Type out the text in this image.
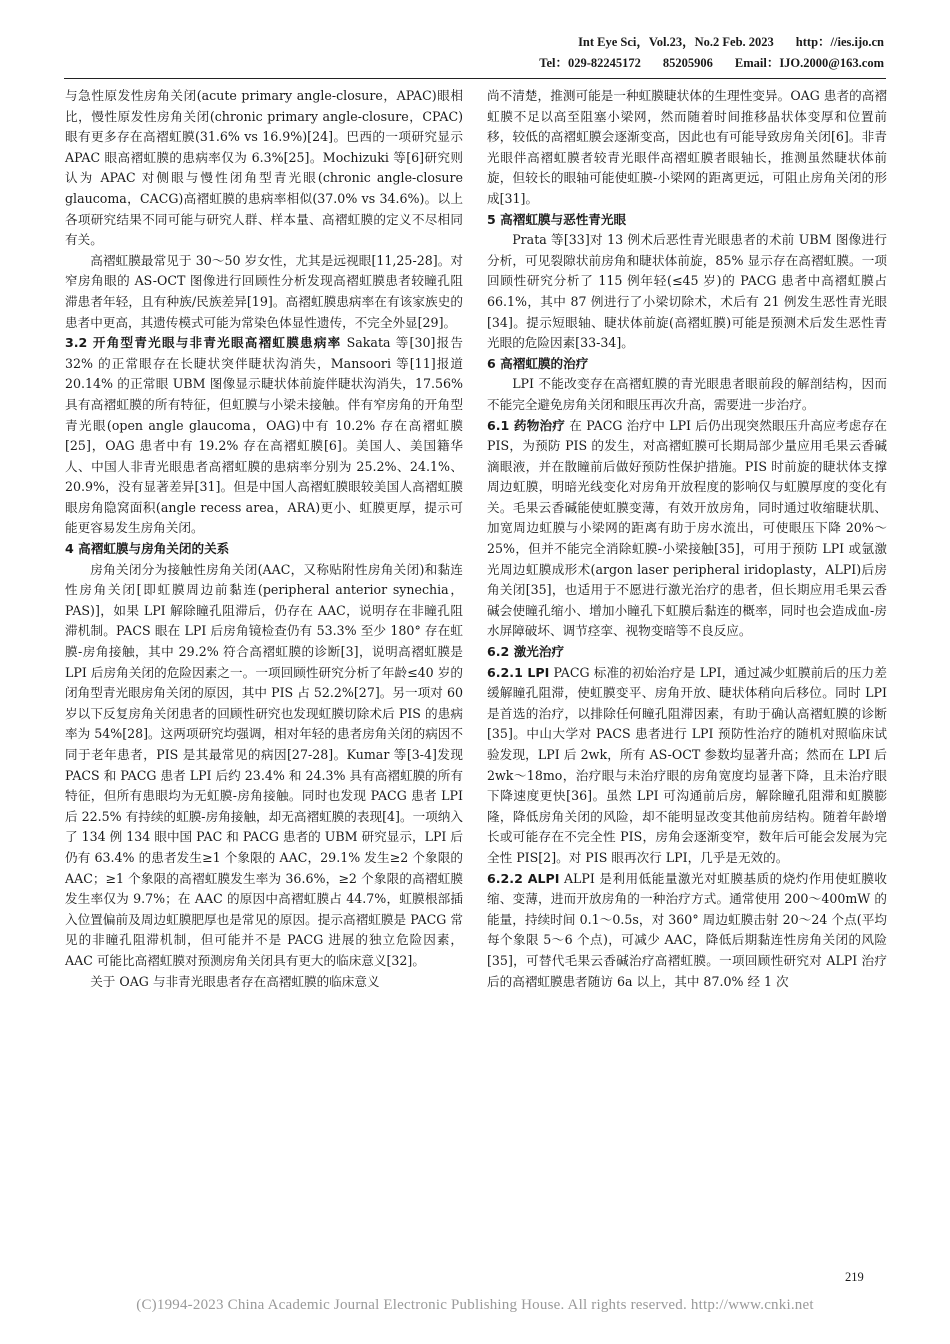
Int Eye Sci，Vol.23，No.2 Feb. 2023 http：//ies.ijo.cn
Tel：029-82245172 85205906 Email：IJO.2000@163.com

与急性原发性房角关闭(acute primary angle-closure，APAC)眼相比，慢性原发性房角关闭(chronic primary angle-closure，CPAC)眼有更多存在高褶虹膜(31.6% vs 16.9%)[24]。巴西的一项研究显示 APAC 眼高褶虹膜的患病率仅为 6.3%[25]。Mochizuki 等[6]研究则认为 APAC 对侧眼与慢性闭角型青光眼(chronic angle-closure glaucoma，CACG)高褶虹膜的患病率相似(37.0% vs 34.6%)。以上各项研究结果不同可能与研究人群、样本量、高褶虹膜的定义不尽相同有关。

高褶虹膜最常见于 30～50 岁女性，尤其是远视眼[11,25-28]。对窄房角眼的 AS-OCT 图像进行回顾性分析发现高褶虹膜患者较瞳孔阻滞患者年轻，且有种族/民族差异[19]。高褶虹膜患病率在有该家族史的患者中更高，其遗传模式可能为常染色体显性遗传，不完全外显[29]。

3.2 开角型青光眼与非青光眼高褶虹膜患病率 Sakata 等[30]报告 32% 的正常眼存在长睫状突伴睫状沟消失，Mansoori 等[11]报道 20.14% 的正常眼 UBM 图像显示睫状体前旋伴睫状沟消失，17.56% 具有高褶虹膜的所有特征，但虹膜与小梁未接触。伴有窄房角的开角型青光眼(open angle glaucoma，OAG)中有 10.2% 存在高褶虹膜[25]，OAG 患者中有 19.2% 存在高褶虹膜[6]。美国人、美国籍华人、中国人非青光眼患者高褶虹膜的患病率分别为 25.2%、24.1%、20.9%，没有显著差异[31]。但是中国人高褶虹膜眼较美国人高褶虹膜眼房角隐窝面积(angle recess area，ARA)更小、虹膜更厚，提示可能更容易发生房角关闭。

4 高褶虹膜与房角关闭的关系

房角关闭分为接触性房角关闭(AAC，又称贴附性房角关闭)和黏连性房角关闭[即虹膜周边前黏连(peripheral anterior synechia，PAS)]，如果 LPI 解除瞳孔阻滞后，仍存在 AAC，说明存在非瞳孔阻滞机制。PACS 眼在 LPI 后房角镜检查仍有 53.3% 至少 180° 存在虹膜-房角接触，其中 29.2% 符合高褶虹膜的诊断[3]，说明高褶虹膜是 LPI 后房角关闭的危险因素之一。一项回顾性研究分析了年龄≤40 岁的闭角型青光眼房角关闭的原因，其中 PIS 占 52.2%[27]。另一项对 60 岁以下反复房角关闭患者的回顾性研究也发现虹膜切除术后 PIS 的患病率为 54%[28]。这两项研究均强调，相对年轻的患者房角关闭的病因不同于老年患者，PIS 是其最常见的病因[27-28]。Kumar 等[3-4]发现 PACS 和 PACG 患者 LPI 后约 23.4% 和 24.3% 具有高褶虹膜的所有特征，但所有患眼均为无虹膜-房角接触。同时也发现 PACG 患者 LPI 后 22.5% 有持续的虹膜-房角接触，却无高褶虹膜的表现[4]。一项纳入了 134 例 134 眼中国 PAC 和 PACG 患者的 UBM 研究显示，LPI 后仍有 63.4% 的患者发生≥1 个象限的 AAC，29.1% 发生≥2 个象限的 AAC；≥1 个象限的高褶虹膜发生率为 36.6%，≥2 个象限的高褶虹膜发生率仅为 9.7%；在 AAC 的原因中高褶虹膜占 44.7%，虹膜根部插入位置偏前及周边虹膜肥厚也是常见的原因。提示高褶虹膜是 PACG 常见的非瞳孔阻滞机制，但可能并不是 PACG 进展的独立危险因素，AAC 可能比高褶虹膜对预测房角关闭具有更大的临床意义[32]。

关于 OAG 与非青光眼患者存在高褶虹膜的临床意义

尚不清楚，推测可能是一种虹膜睫状体的生理性变异。OAG 患者的高褶虹膜不足以高至阻塞小梁网，然而随着时间推移晶状体变厚和位置前移，较低的高褶虹膜会逐渐变高，因此也有可能导致房角关闭[6]。非青光眼伴高褶虹膜者较青光眼伴高褶虹膜者眼轴长，推测虽然睫状体前旋，但较长的眼轴可能使虹膜-小梁网的距离更远，可阻止房角关闭的形成[31]。

5 高褶虹膜与恶性青光眼

Prata 等[33]对 13 例术后恶性青光眼患者的术前 UBM 图像进行分析，可见裂隙状前房角和睫状体前旋，85% 显示存在高褶虹膜。一项回顾性研究分析了 115 例年轻(≤45 岁)的 PACG 患者中高褶虹膜占 66.1%，其中 87 例进行了小梁切除术，术后有 21 例发生恶性青光眼[34]。提示短眼轴、睫状体前旋(高褶虹膜)可能是预测术后发生恶性青光眼的危险因素[33-34]。

6 高褶虹膜的治疗

LPI 不能改变存在高褶虹膜的青光眼患者眼前段的解剖结构，因而不能完全避免房角关闭和眼压再次升高，需要进一步治疗。

6.1 药物治疗 在 PACG 治疗中 LPI 后仍出现突然眼压升高应考虑存在 PIS，为预防 PIS 的发生，对高褶虹膜可长期局部少量应用毛果云香碱滴眼液，并在散瞳前后做好预防性保护措施。PIS 时前旋的睫状体支撑周边虹膜，明暗光线变化对房角开放程度的影响仅与虹膜厚度的变化有关。毛果云香碱能使虹膜变薄，有效开放房角，同时通过收缩睫状肌、加宽周边虹膜与小梁网的距离有助于房水流出，可使眼压下降 20%～25%，但并不能完全消除虹膜-小梁接触[35]，可用于预防 LPI 或氩激光周边虹膜成形术(argon laser peripheral iridoplasty，ALPI)后房角关闭[35]，也适用于不愿进行激光治疗的患者，但长期应用毛果云香碱会使瞳孔缩小、增加小瞳孔下虹膜后黏连的概率，同时也会造成血-房水屏障破坏、调节痉挛、视物变暗等不良反应。

6.2 激光治疗

6.2.1 LPI PACG 标准的初始治疗是 LPI，通过减少虹膜前后的压力差缓解瞳孔阻滞，使虹膜变平、房角开放、睫状体稍向后移位。同时 LPI 是首选的治疗，以排除任何瞳孔阻滞因素，有助于确认高褶虹膜的诊断[35]。中山大学对 PACS 患者进行 LPI 预防性治疗的随机对照临床试验发现，LPI 后 2wk，所有 AS-OCT 参数均显著升高；然而在 LPI 后 2wk～18mo，治疗眼与未治疗眼的房角宽度均显著下降，且未治疗眼下降速度更快[36]。虽然 LPI 可沟通前后房，解除瞳孔阻滞和虹膜膨隆，降低房角关闭的风险，却不能明显改变其他前房结构。随着年龄增长或可能存在不完全性 PIS，房角会逐渐变窄，数年后可能会发展为完全性 PIS[2]。对 PIS 眼再次行 LPI，几乎是无效的。

6.2.2 ALPI ALPI 是利用低能量激光对虹膜基质的烧灼作用使虹膜收缩、变薄，进而开放房角的一种治疗方式。通常使用 200～400mW 的能量，持续时间 0.1～0.5s，对 360° 周边虹膜击射 20～24 个点(平均每个象限 5～6 个点)，可减少 AAC，降低后期黏连性房角关闭的风险[35]，可替代毛果云香碱治疗高褶虹膜。一项回顾性研究对 ALPI 治疗后的高褶虹膜患者随访 6a 以上，其中 87.0% 经 1 次

219
(C)1994-2023 China Academic Journal Electronic Publishing House. All rights reserved. http://www.cnki.net
